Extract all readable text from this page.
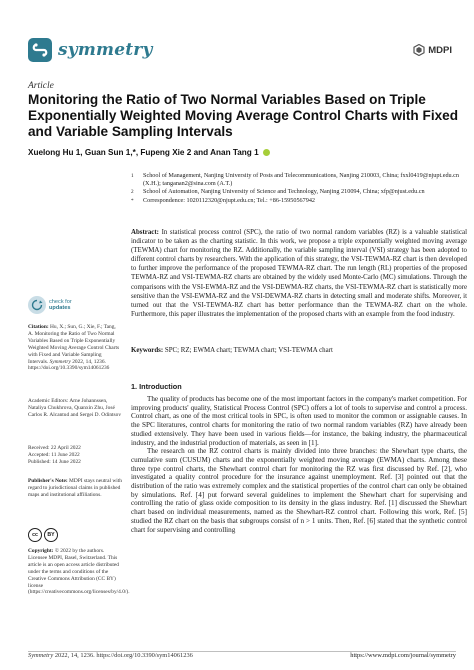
symmetry	MDPI
Article
Monitoring the Ratio of Two Normal Variables Based on Triple Exponentially Weighted Moving Average Control Charts with Fixed and Variable Sampling Intervals
Xuelong Hu 1, Guan Sun 1,*, Fupeng Xie 2 and Anan Tang 1
1	School of Management, Nanjing University of Posts and Telecommunications, Nanjing 210003, China; fxxl0419@njupt.edu.cn (X.H.); tanganan2@sina.com (A.T.)
2	School of Automation, Nanjing University of Science and Technology, Nanjing 210094, China; xfp@njust.edu.cn
*	Correspondence: 1020112320@njupt.edu.cn; Tel.: +86-15950567942
Abstract: In statistical process control (SPC), the ratio of two normal random variables (RZ) is a valuable statistical indicator to be taken as the charting statistic. In this work, we propose a triple exponentially weighted moving average (TEWMA) chart for monitoring the RZ. Additionally, the variable sampling interval (VSI) strategy has been adopted to different control charts by researchers. With the application of this strategy, the VSI-TEWMA-RZ chart is then developed to further improve the performance of the proposed TEWMA-RZ chart. The run length (RL) properties of the proposed TEWMA-RZ and VSI-TEWMA-RZ charts are obtained by the widely used Monte-Carlo (MC) simulations. Through the comparisons with the VSI-EWMA-RZ and the VSI-DEWMA-RZ charts, the VSI-TEWMA-RZ chart is statistically more sensitive than the VSI-EWMA-RZ and the VSI-DEWMA-RZ charts in detecting small and moderate shifts. Moreover, it turned out that the VSI-TEWMA-RZ chart has better performance than the TEWMA-RZ chart on the whole. Furthermore, this paper illustrates the implementation of the proposed charts with an example from the food industry.
Keywords: SPC; RZ; EWMA chart; TEWMA chart; VSI-TEWMA chart
1. Introduction

The quality of products has become one of the most important factors in the company's market competition. For improving products' quality, Statistical Process Control (SPC) offers a lot of tools to supervise and control a process. Control chart, as one of the most critical tools in SPC, is often used to monitor the common or assignable causes. In the SPC literatures, control charts for monitoring the ratio of two normal random variables (RZ) have already been studied extensively. They have been used in various fields—for instance, the baking industry, the pharmaceutical industry, and the industrial production of materials, as seen in [1].

The research on the RZ control charts is mainly divided into three branches: the Shewhart type charts, the cumulative sum (CUSUM) charts and the exponentially weighted moving average (EWMA) charts. Among these three type control charts, the Shewhart control chart for monitoring the RZ was first discussed by Ref. [2], who investigated a quality control procedure for the insurance against unemployment. Ref. [3] pointed out that the distribution of the ratio was extremely complex and the statistical properties of the control chart can only be obtained by simulations. Ref. [4] put forward several guidelines to implement the Shewhart chart for supervising and controlling the ratio of glass oxide composition to its density in the glass industry. Ref. [1] discussed the Shewhart chart based on individual measurements, named as the Shewhart-RZ control chart. Following this work, Ref. [5] studied the RZ chart on the basis that subgroups consist of n > 1 units. Then, Ref. [6] stated that the synthetic control chart for supervising and controlling

check for
updates
Citation: Hu, X.; Sun, G.; Xie, F.; Tang, A. Monitoring the Ratio of Two Normal Variables Based on Triple Exponentially Weighted Moving Average Control Charts with Fixed and Variable Sampling Intervals. Symmetry 2022, 14, 1236. https://doi.org/10.3390/sym14061236
Academic Editors: Arne Johannssen, Nataliya Chukhrova, Quanxin Zhu, José Carlos R. Alcantud and Sergei D. Odintsov
Received: 22 April 2022
Accepted: 11 June 2022
Published: 14 June 2022
Publisher's Note: MDPI stays neutral with regard to jurisdictional claims in published maps and institutional affiliations.
cc	BY
Copyright: © 2022 by the authors. Licensee MDPI, Basel, Switzerland. This article is an open access article distributed under the terms and conditions of the Creative Commons Attribution (CC BY) license (https://creativecommons.org/licenses/by/4.0/).
Symmetry 2022, 14, 1236. https://doi.org/10.3390/sym14061236	https://www.mdpi.com/journal/symmetry
